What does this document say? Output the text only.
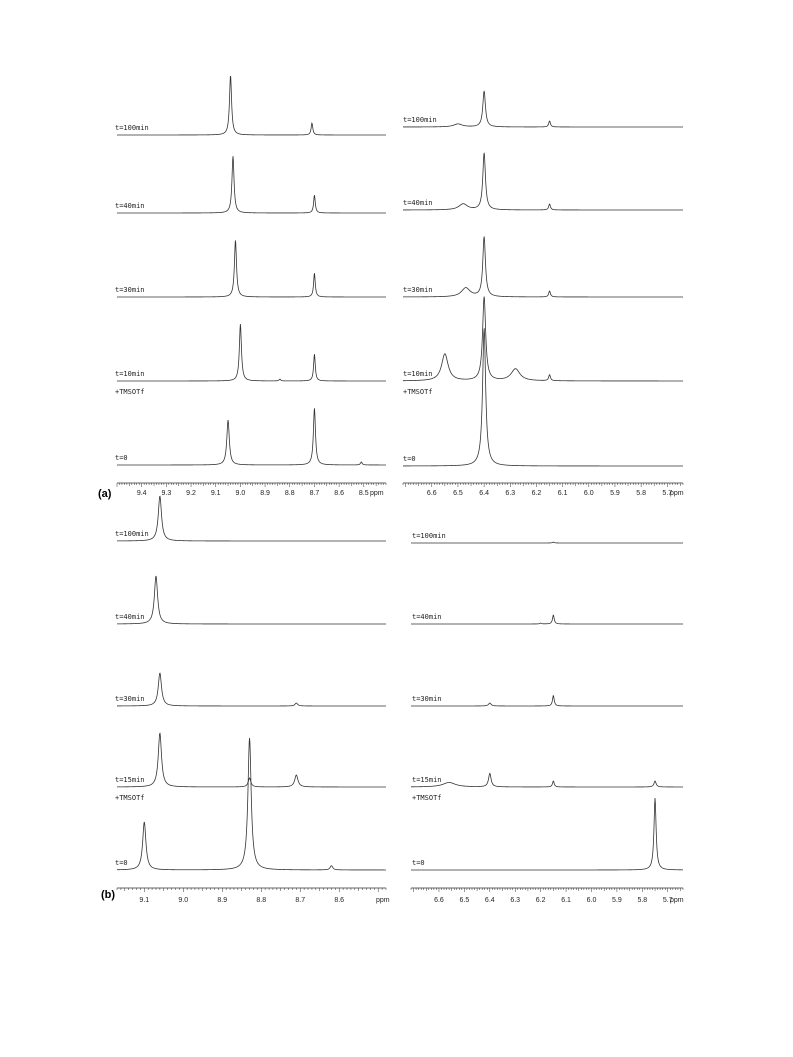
(a)
(b)
t=100min
t=40min
t=30min
t=10min
+TMSOTf
t=0
9.4 9.3 9.2 9.1 9.0 8.9 8.8 8.7 8.6 8.5 ppm
t=100min
t=40min
t=30min
t=10min
+TMSOTf
t=0
6.6 6.5 6.4 6.3 6.2 6.1 6.0 5.9 5.8 5.7
ppm
t=100min
t=40min
t=30min
t=15min
+TMSOTf
t=0
9.1	9.0	8.9	8.8	8.7	8.6	ppm
t=100min
t=40min
t=30min
t=15min
+TMSOTf
t=0
6.6 6.5 6.4 6.3 6.2 6.1 6.0 5.9 5.8 5.7
ppm
